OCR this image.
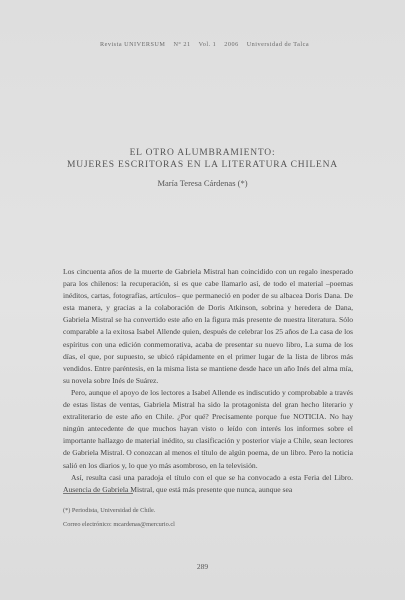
Revista UNIVERSUM N° 21 Vol. 1 2006 Universidad de Talca
EL OTRO ALUMBRAMIENTO:
MUJERES ESCRITORAS EN LA LITERATURA CHILENA
María Teresa Cárdenas (*)

Los cincuenta años de la muerte de Gabriela Mistral han coincidido con un regalo inesperado para los chilenos: la recuperación, si es que cabe llamarlo así, de todo el material –poemas inéditos, cartas, fotografías, artículos– que permaneció en poder de su albacea Doris Dana. De esta manera, y gracias a la colaboración de Doris Atkinson, sobrina y heredera de Dana, Gabriela Mistral se ha convertido este año en la figura más presente de nuestra literatura. Sólo comparable a la exitosa Isabel Allende quien, después de celebrar los 25 años de La casa de los espíritus con una edición conmemorativa, acaba de presentar su nuevo libro, La suma de los días, el que, por supuesto, se ubicó rápidamente en el primer lugar de la lista de libros más vendidos. Entre paréntesis, en la misma lista se mantiene desde hace un año Inés del alma mía, su novela sobre Inés de Suárez.

Pero, aunque el apoyo de los lectores a Isabel Allende es indiscutido y comprobable a través de estas listas de ventas, Gabriela Mistral ha sido la protagonista del gran hecho literario y extraliterario de este año en Chile. ¿Por qué? Precisamente porque fue NOTICIA. No hay ningún antecedente de que muchos hayan visto o leído con interés los informes sobre el importante hallazgo de material inédito, su clasificación y posterior viaje a Chile, sean lectores de Gabriela Mistral. O conozcan al menos el título de algún poema, de un libro. Pero la noticia salió en los diarios y, lo que yo más asombroso, en la televisión.

Así, resulta casi una paradoja el título con el que se ha convocado a esta Feria del Libro. Ausencia de Gabriela Mistral, que está más presente que nunca, aunque sea

(*) Periodista, Universidad de Chile.
Correo electrónico: mcardenas@mercurio.cl
289
